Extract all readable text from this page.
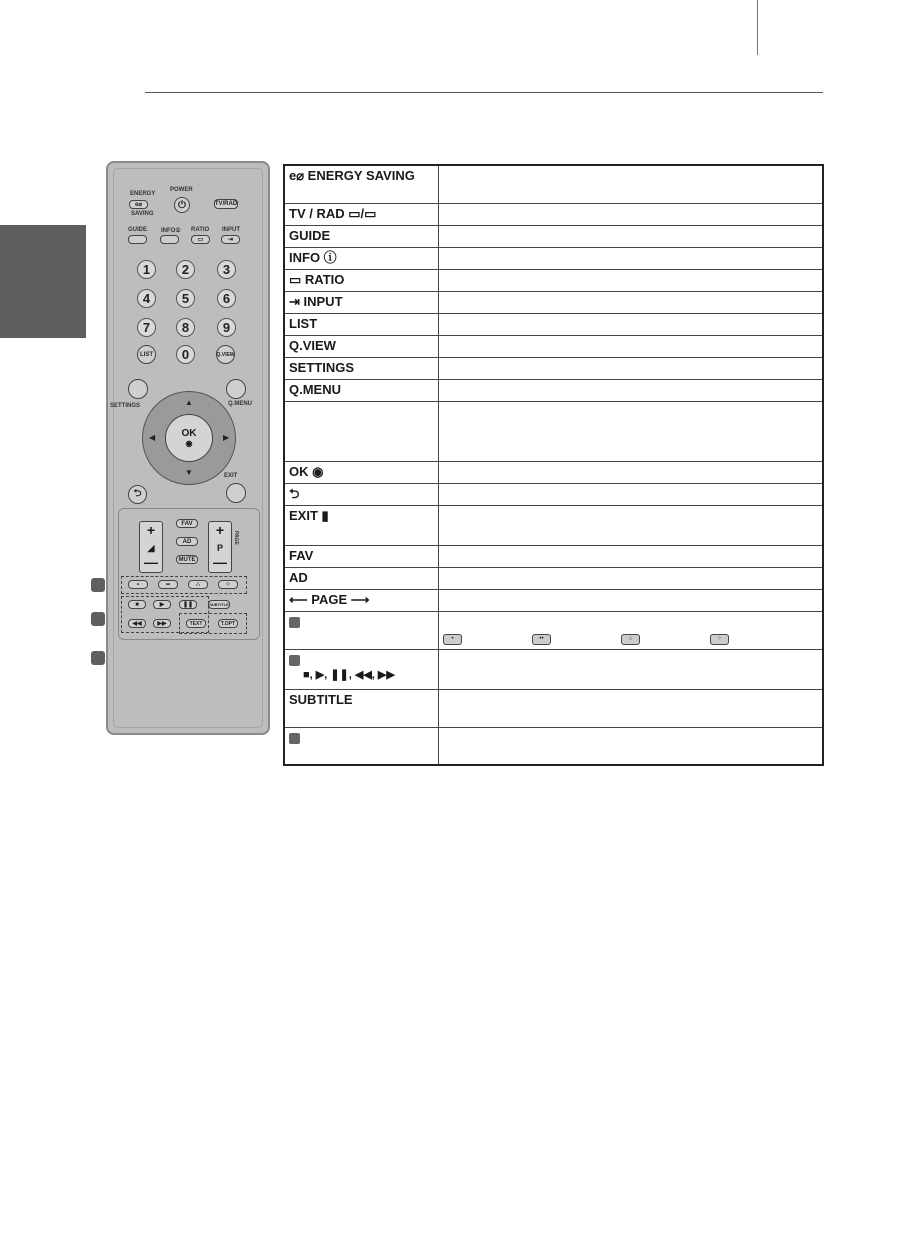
ENERGY
e⌀
SAVING
POWER
⏻	TV/RAD
GUIDE INFO① RATIO
▭
INPUT
⇥
1	2	3
4	5	6
7	8	9
LIST	0	Q.VIEW
SETTINGS	Q.MENU
▲
▼
◀	▶
OK
◉
⮌
EXIT
+
◢
—
FAV
AD
MUTE
+
P
—
PAGE
•	••	∴	⁘
■	▶	❚❚	SUBTITLE
◀◀	▶▶	TEXT	T.OPT
e⌀ ENERGY SAVING	
TV / RAD ▭/▭	
GUIDE	
INFO ⓘ	
▭ RATIO	
⇥ INPUT	
LIST	
Q.VIEW	
SETTINGS	
Q.MENU	

OK ◉	
⮌	
EXIT ▮	
FAV	
AD	
⟵ PAGE ⟶	
	• •• ∴ ⁘

■, ▶, ❚❚, ◀◀, ▶▶	
SUBTITLE	
